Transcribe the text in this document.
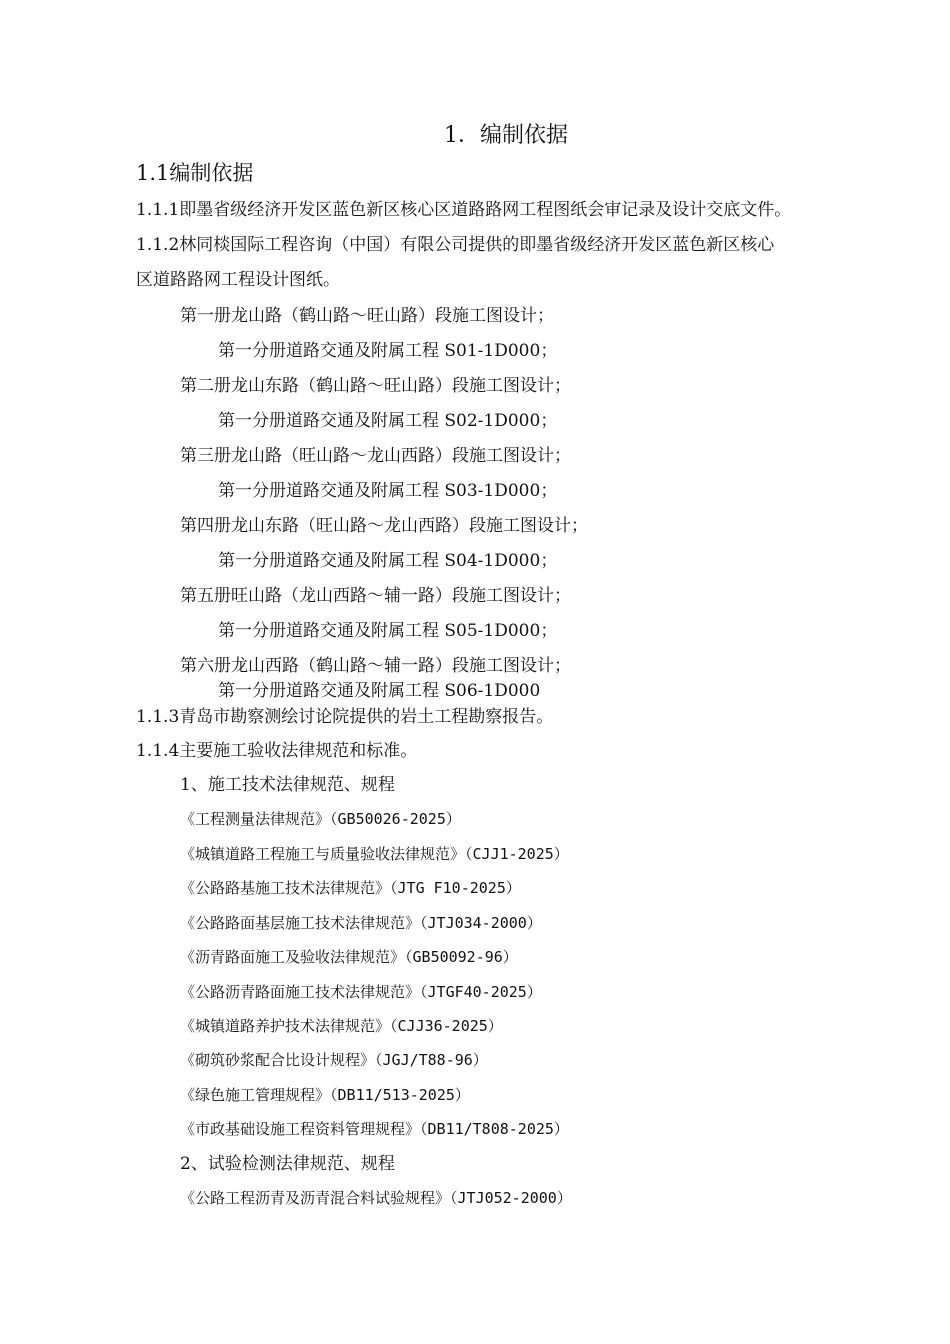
1．编制依据
1.1编制依据
1.1.1即墨省级经济开发区蓝色新区核心区道路路网工程图纸会审记录及设计交底文件。
1.1.2林同棪国际工程咨询（中国）有限公司提供的即墨省级经济开发区蓝色新区核心
区道路路网工程设计图纸。
第一册龙山路（鹤山路～旺山路）段施工图设计；
第一分册道路交通及附属工程 S01-1D000；
第二册龙山东路（鹤山路～旺山路）段施工图设计；
第一分册道路交通及附属工程 S02-1D000；
第三册龙山路（旺山路～龙山西路）段施工图设计；
第一分册道路交通及附属工程 S03-1D000；
第四册龙山东路（旺山路～龙山西路）段施工图设计；
第一分册道路交通及附属工程 S04-1D000；
第五册旺山路（龙山西路～辅一路）段施工图设计；
第一分册道路交通及附属工程 S05-1D000；
第六册龙山西路（鹤山路～辅一路）段施工图设计；
第一分册道路交通及附属工程 S06-1D000
1.1.3青岛市勘察测绘讨论院提供的岩土工程勘察报告。
1.1.4主要施工验收法律规范和标准。
1、施工技术法律规范、规程
《工程测量法律规范》（GB50026-2025）
《城镇道路工程施工与质量验收法律规范》（CJJ1-2025）
《公路路基施工技术法律规范》（JTG F10-2025）
《公路路面基层施工技术法律规范》（JTJ034-2000）
《沥青路面施工及验收法律规范》（GB50092-96）
《公路沥青路面施工技术法律规范》（JTGF40-2025）
《城镇道路养护技术法律规范》（CJJ36-2025）
《砌筑砂浆配合比设计规程》（JGJ/T88-96）
《绿色施工管理规程》（DB11/513-2025）
《市政基础设施工程资料管理规程》（DB11/T808-2025）
2、试验检测法律规范、规程
《公路工程沥青及沥青混合料试验规程》（JTJ052-2000）
